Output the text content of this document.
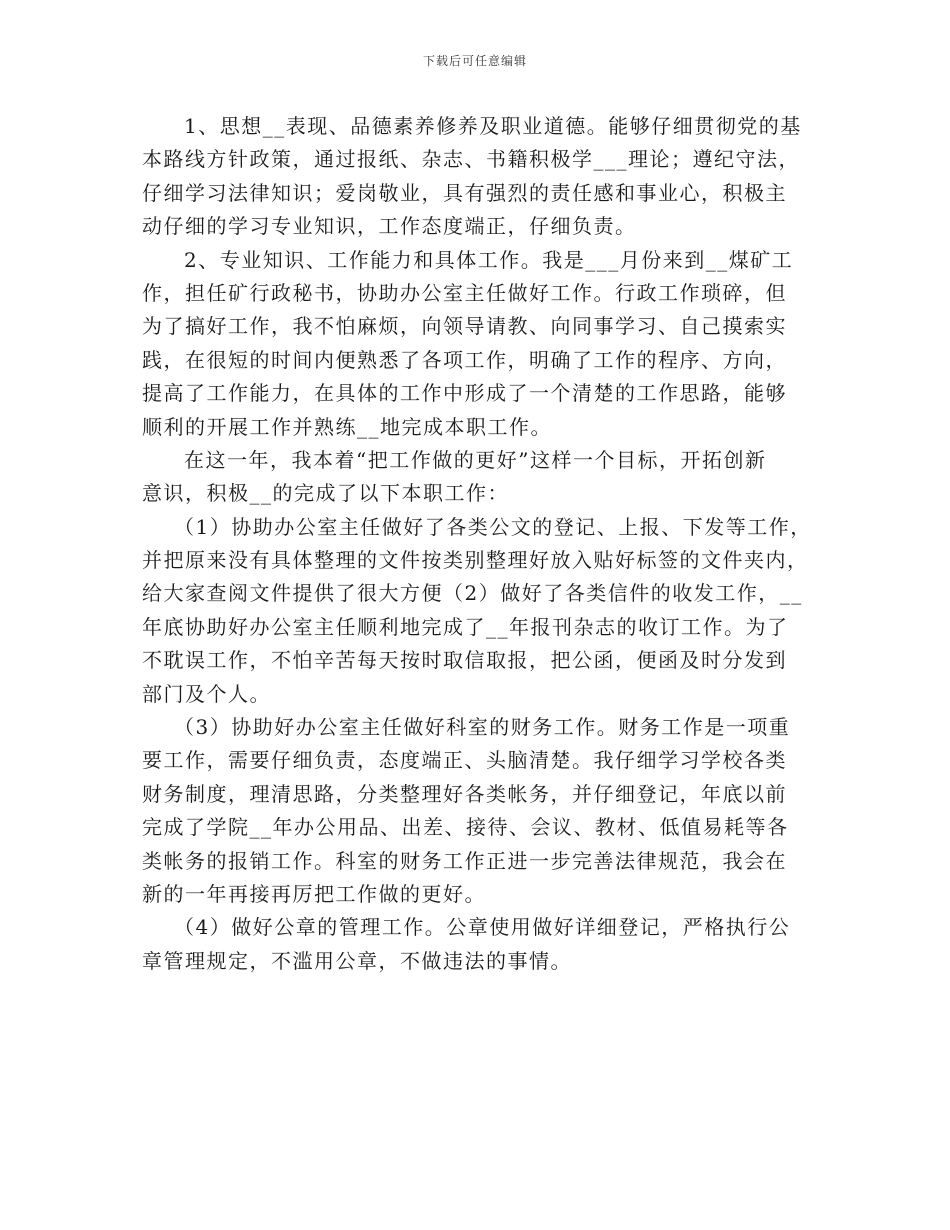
下载后可任意编辑
1、思想__表现、品德素养修养及职业道德。能够仔细贯彻党的基
本路线方针政策，通过报纸、杂志、书籍积极学___理论；遵纪守法，
仔细学习法律知识；爱岗敬业，具有强烈的责任感和事业心，积极主
动仔细的学习专业知识，工作态度端正，仔细负责。
2、专业知识、工作能力和具体工作。我是___月份来到__煤矿工
作，担任矿行政秘书，协助办公室主任做好工作。行政工作琐碎，但
为了搞好工作，我不怕麻烦，向领导请教、向同事学习、自己摸索实
践，在很短的时间内便熟悉了各项工作，明确了工作的程序、方向，
提高了工作能力，在具体的工作中形成了一个清楚的工作思路，能够
顺利的开展工作并熟练__地完成本职工作。
在这一年，我本着“把工作做的更好”这样一个目标，开拓创新
意识，积极__的完成了以下本职工作：
（1）协助办公室主任做好了各类公文的登记、上报、下发等工作，
并把原来没有具体整理的文件按类别整理好放入贴好标签的文件夹内，
给大家查阅文件提供了很大方便（2）做好了各类信件的收发工作，__
年底协助好办公室主任顺利地完成了__年报刊杂志的收订工作。为了
不耽误工作，不怕辛苦每天按时取信取报，把公函，便函及时分发到
部门及个人。
（3）协助好办公室主任做好科室的财务工作。财务工作是一项重
要工作，需要仔细负责，态度端正、头脑清楚。我仔细学习学校各类
财务制度，理清思路，分类整理好各类帐务，并仔细登记，年底以前
完成了学院__年办公用品、出差、接待、会议、教材、低值易耗等各
类帐务的报销工作。科室的财务工作正进一步完善法律规范，我会在
新的一年再接再厉把工作做的更好。
（4）做好公章的管理工作。公章使用做好详细登记，严格执行公
章管理规定，不滥用公章，不做违法的事情。
